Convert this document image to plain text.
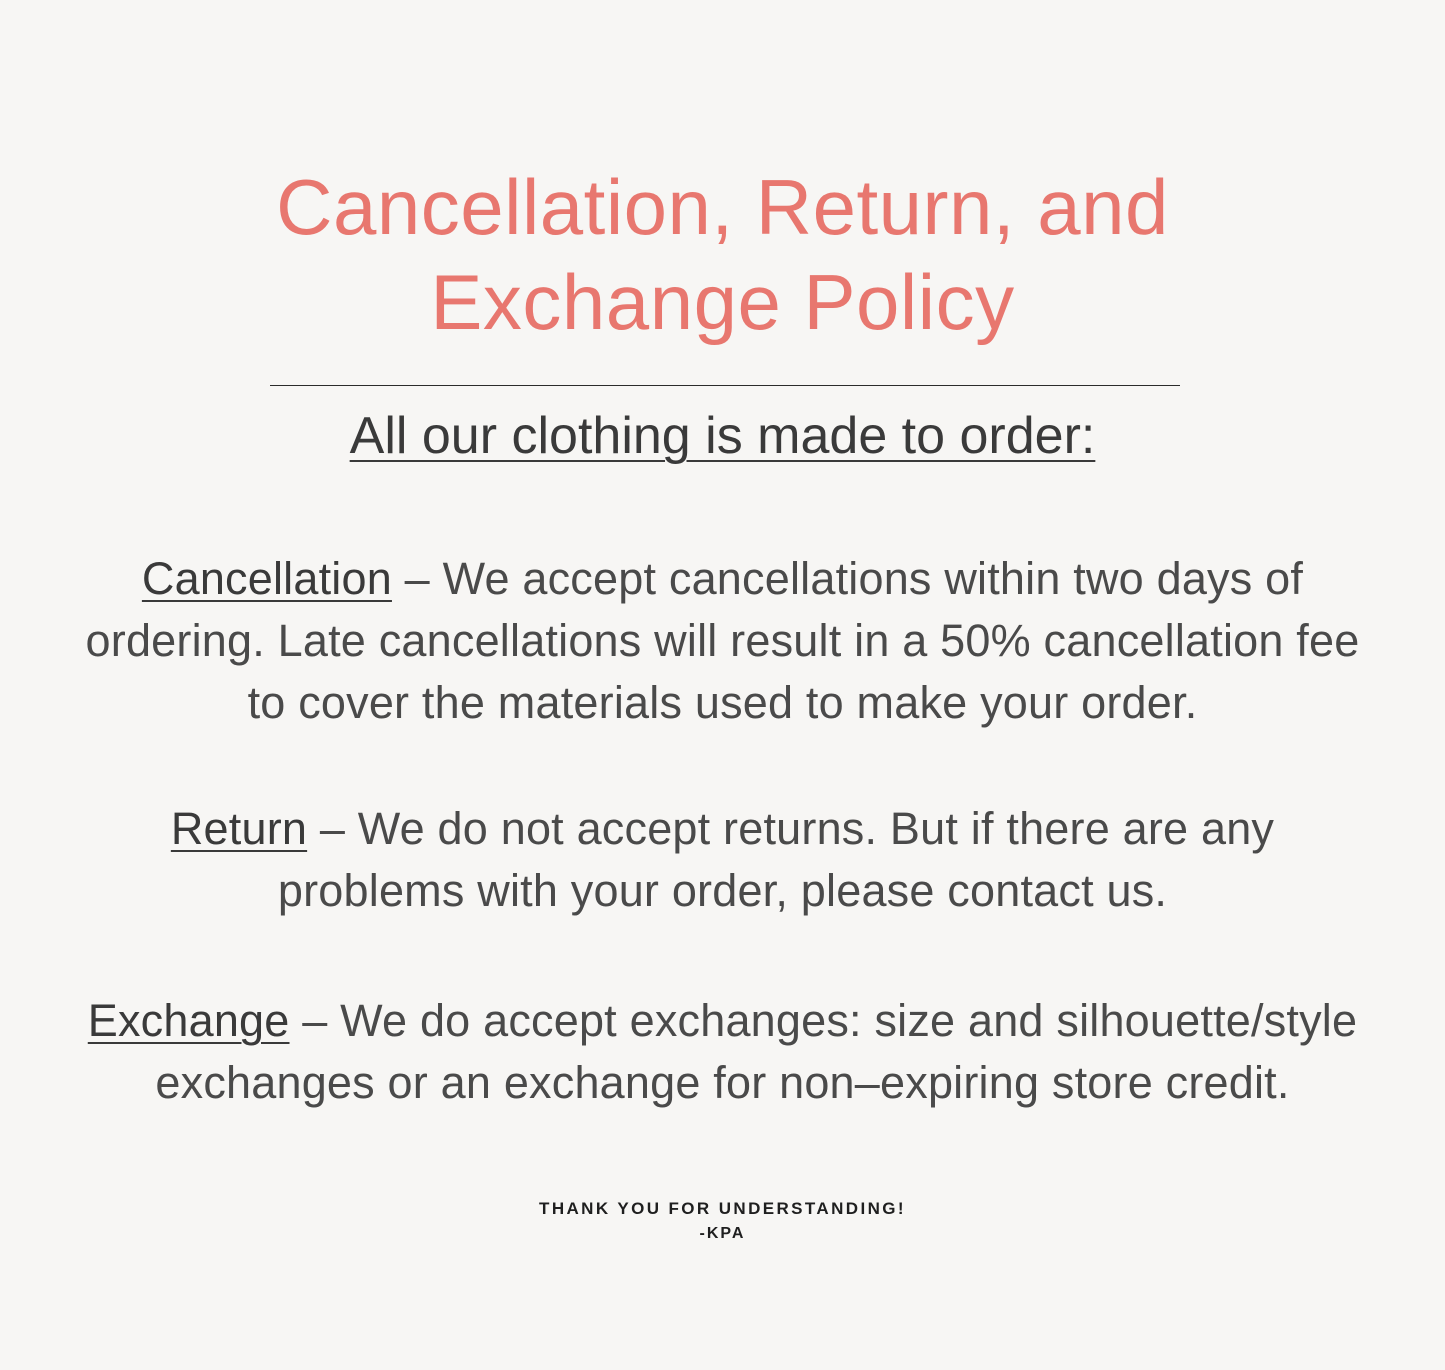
Cancellation, Return, and Exchange Policy
All our clothing is made to order:
Cancellation – We accept cancellations within two days of ordering. Late cancellations will result in a 50% cancellation fee to cover the materials used to make your order.
Return – We do not accept returns. But if there are any problems with your order, please contact us.
Exchange – We do accept exchanges: size and silhouette/style exchanges or an exchange for non–expiring store credit.
THANK YOU FOR UNDERSTANDING!
-KPA
